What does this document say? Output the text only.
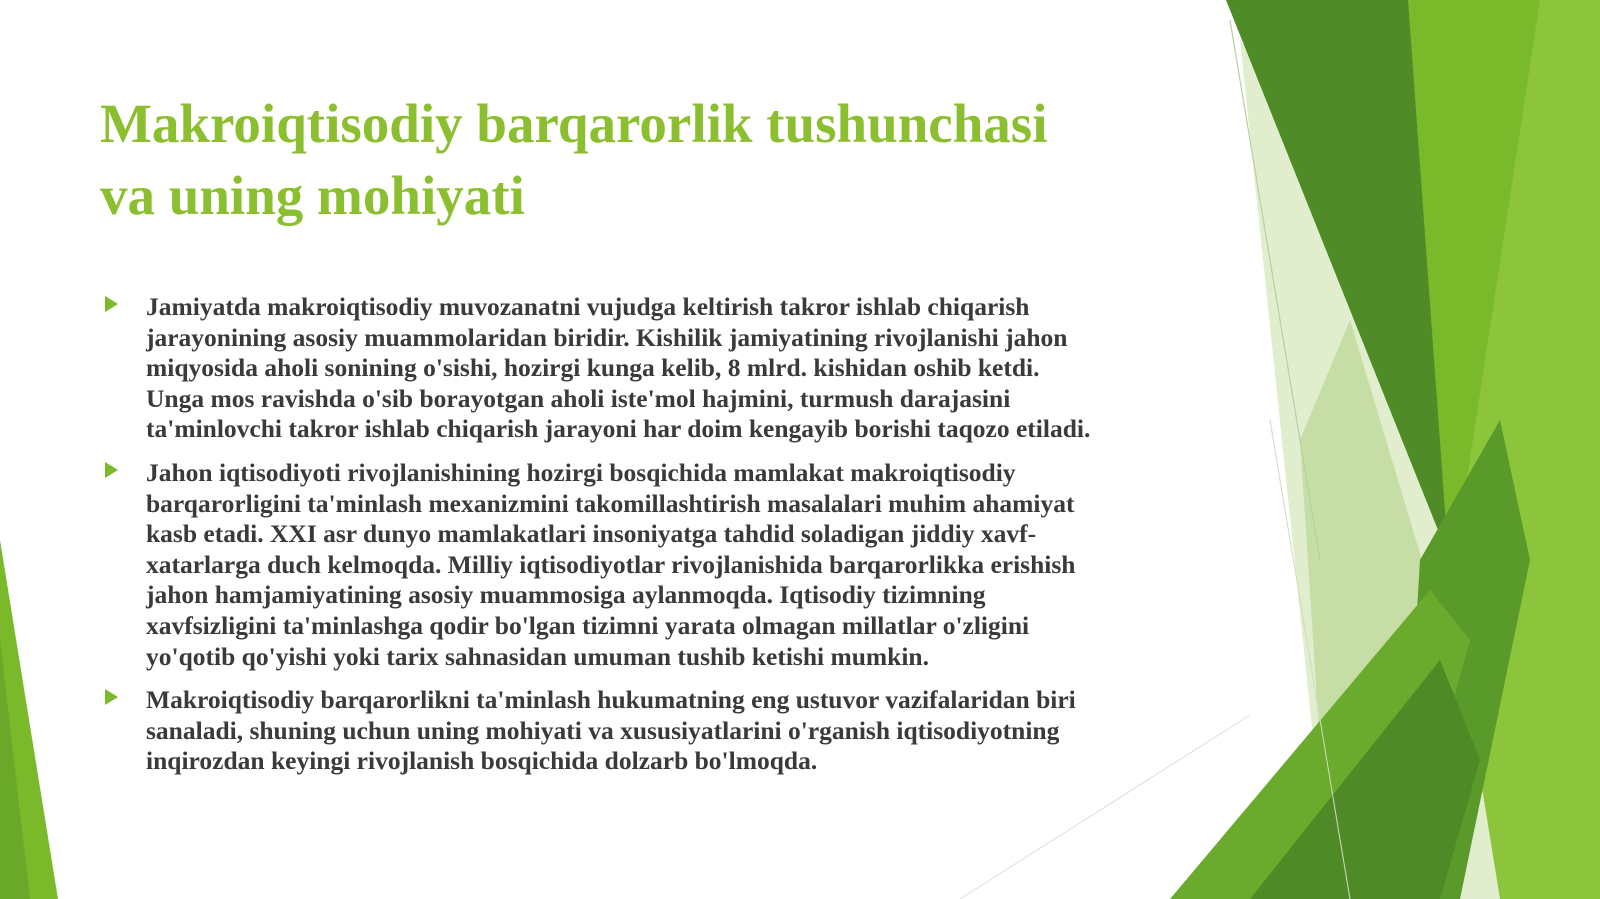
Makroiqtisodiy barqarorlik tushunchasi
va uning mohiyati
Jamiyatda makroiqtisodiy muvozanatni vujudga keltirish takror ishlab chiqarish
jarayonining asosiy muammolaridan biridir. Kishilik jamiyatining rivojlanishi jahon
miqyosida aholi sonining o'sishi, hozirgi kunga kelib, 8 mlrd. kishidan oshib ketdi.
Unga mos ravishda o'sib borayotgan aholi iste'mol hajmini, turmush darajasini
ta'minlovchi takror ishlab chiqarish jarayoni har doim kengayib borishi taqozo etiladi.
Jahon iqtisodiyoti rivojlanishining hozirgi bosqichida mamlakat makroiqtisodiy
barqarorligini ta'minlash mexanizmini takomillashtirish masalalari muhim ahamiyat
kasb etadi. XXI asr dunyo mamlakatlari insoniyatga tahdid soladigan jiddiy xavf-
xatarlarga duch kelmoqda. Milliy iqtisodiyotlar rivojlanishida barqarorlikka erishish
jahon hamjamiyatining asosiy muammosiga aylanmoqda. Iqtisodiy tizimning
xavfsizligini ta'minlashga qodir bo'lgan tizimni yarata olmagan millatlar o'zligini
yo'qotib qo'yishi yoki tarix sahnasidan umuman tushib ketishi mumkin.
Makroiqtisodiy barqarorlikni ta'minlash hukumatning eng ustuvor vazifalaridan biri
sanaladi, shuning uchun uning mohiyati va xususiyatlarini o'rganish iqtisodiyotning
inqirozdan keyingi rivojlanish bosqichida dolzarb bo'lmoqda.
